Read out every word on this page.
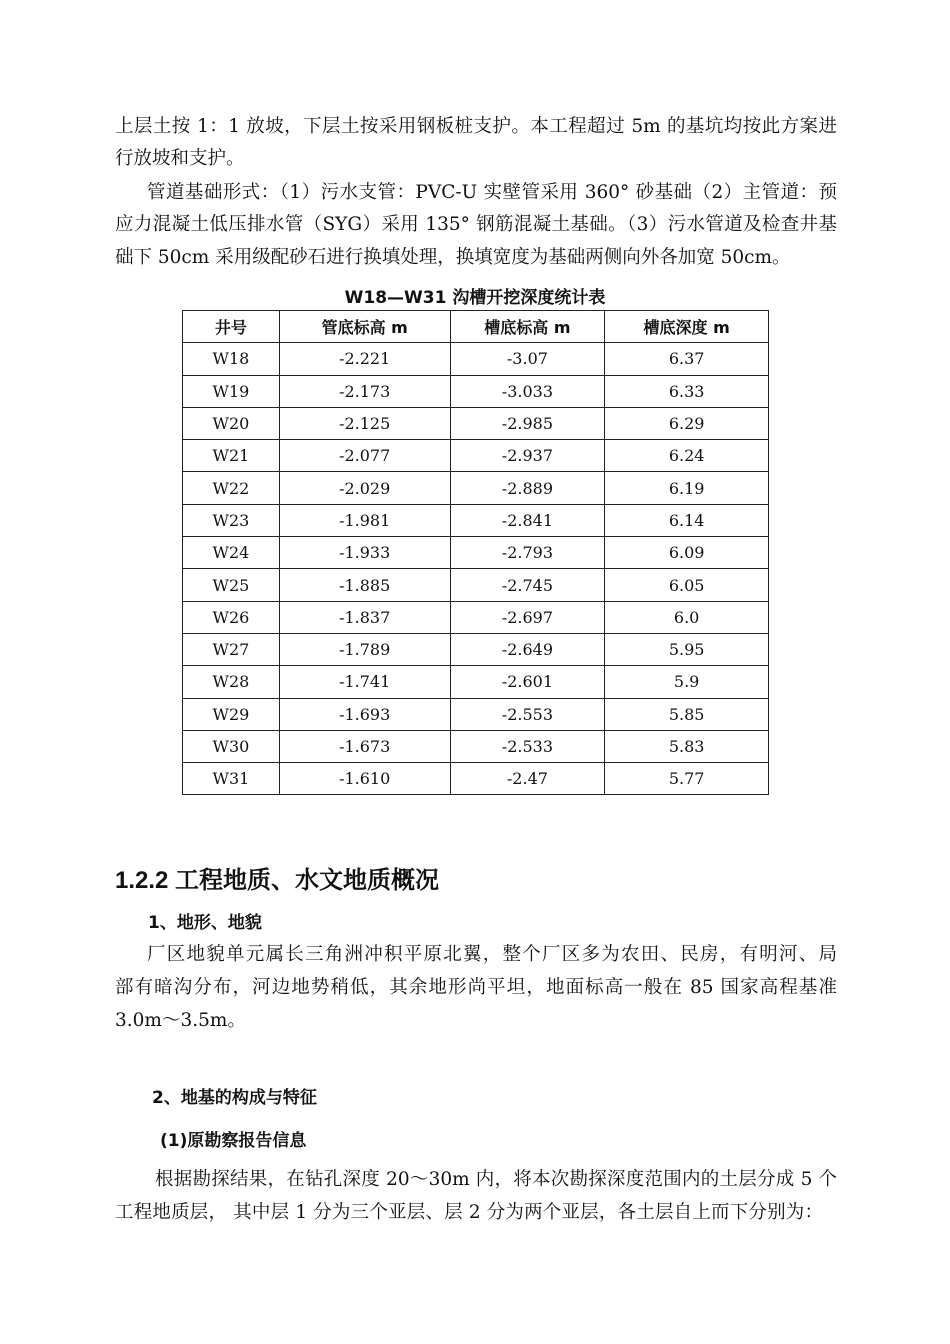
上层土按 1：1 放坡，下层土按采用钢板桩支护。本工程超过 5m 的基坑均按此方案进
行放坡和支护。
管道基础形式：（1）污水支管：PVC-U 实壁管采用 360° 砂基础（2）主管道：预
应力混凝土低压排水管（SYG）采用 135° 钢筋混凝土基础。（3）污水管道及检查井基
础下 50cm 采用级配砂石进行换填处理，换填宽度为基础两侧向外各加宽 50cm。
W18—W31 沟槽开挖深度统计表
井号	管底标高 m	槽底标高 m	槽底深度 m
W18	-2.221	-3.07	6.37
W19	-2.173	-3.033	6.33
W20	-2.125	-2.985	6.29
W21	-2.077	-2.937	6.24
W22	-2.029	-2.889	6.19
W23	-1.981	-2.841	6.14
W24	-1.933	-2.793	6.09
W25	-1.885	-2.745	6.05
W26	-1.837	-2.697	6.0
W27	-1.789	-2.649	5.95
W28	-1.741	-2.601	5.9
W29	-1.693	-2.553	5.85
W30	-1.673	-2.533	5.83
W31	-1.610	-2.47	5.77
1.2.2 工程地质、水文地质概况
1、地形、地貌
厂区地貌单元属长三角洲冲积平原北翼，整个厂区多为农田、民房，有明河、局
部有暗沟分布，河边地势稍低，其余地形尚平坦，地面标高一般在 85 国家高程基准
3.0m～3.5m。
2、地基的构成与特征
(1)原勘察报告信息
根据勘探结果，在钻孔深度 20～30m 内，将本次勘探深度范围内的土层分成 5 个
工程地质层， 其中层 1 分为三个亚层、层 2 分为两个亚层，各土层自上而下分别为：
